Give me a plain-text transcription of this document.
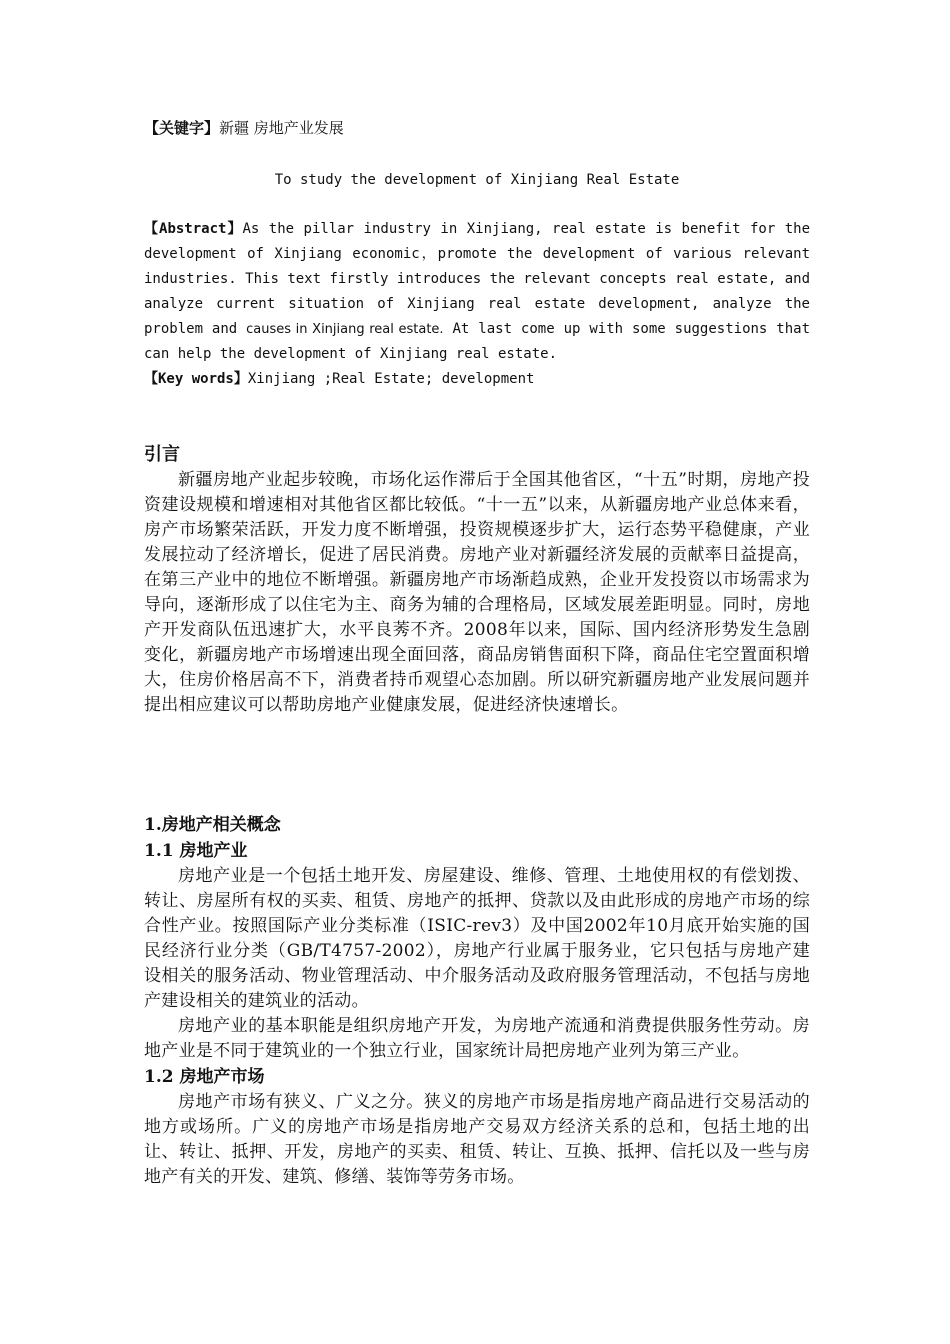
【关键字】新疆 房地产业发展

To study the development of Xinjiang Real Estate

【Abstract】As the pillar industry in Xinjiang, real estate is benefit for the development of Xinjiang economic，promote the development of various relevant industries. This text firstly introduces the relevant concepts real estate, and analyze current situation of Xinjiang real estate development, analyze the problem and causes in Xinjiang real estate. At last come up with some suggestions that can help the development of Xinjiang real estate.

【Key words】Xinjiang ;Real Estate; development

引言

新疆房地产业起步较晚，市场化运作滞后于全国其他省区，“十五”时期，房地产投资建设规模和增速相对其他省区都比较低。“十一五”以来，从新疆房地产业总体来看，房产市场繁荣活跃，开发力度不断增强，投资规模逐步扩大，运行态势平稳健康，产业发展拉动了经济增长，促进了居民消费。房地产业对新疆经济发展的贡献率日益提高，在第三产业中的地位不断增强。新疆房地产市场渐趋成熟，企业开发投资以市场需求为导向，逐渐形成了以住宅为主、商务为辅的合理格局，区域发展差距明显。同时，房地产开发商队伍迅速扩大，水平良莠不齐。2008年以来，国际、国内经济形势发生急剧变化，新疆房地产市场增速出现全面回落，商品房销售面积下降，商品住宅空置面积增大，住房价格居高不下，消费者持币观望心态加剧。所以研究新疆房地产业发展问题并提出相应建议可以帮助房地产业健康发展，促进经济快速增长。

1.房地产相关概念

1.1 房地产业

房地产业是一个包括土地开发、房屋建设、维修、管理、土地使用权的有偿划拨、转让、房屋所有权的买卖、租赁、房地产的抵押、贷款以及由此形成的房地产市场的综合性产业。按照国际产业分类标准（ISIC-rev3）及中国2002年10月底开始实施的国民经济行业分类（GB/T4757-2002），房地产行业属于服务业，它只包括与房地产建设相关的服务活动、物业管理活动、中介服务活动及政府服务管理活动，不包括与房地产建设相关的建筑业的活动。

房地产业的基本职能是组织房地产开发，为房地产流通和消费提供服务性劳动。房地产业是不同于建筑业的一个独立行业，国家统计局把房地产业列为第三产业。

1.2 房地产市场

房地产市场有狭义、广义之分。狭义的房地产市场是指房地产商品进行交易活动的地方或场所。广义的房地产市场是指房地产交易双方经济关系的总和，包括土地的出让、转让、抵押、开发，房地产的买卖、租赁、转让、互换、抵押、信托以及一些与房地产有关的开发、建筑、修缮、装饰等劳务市场。
